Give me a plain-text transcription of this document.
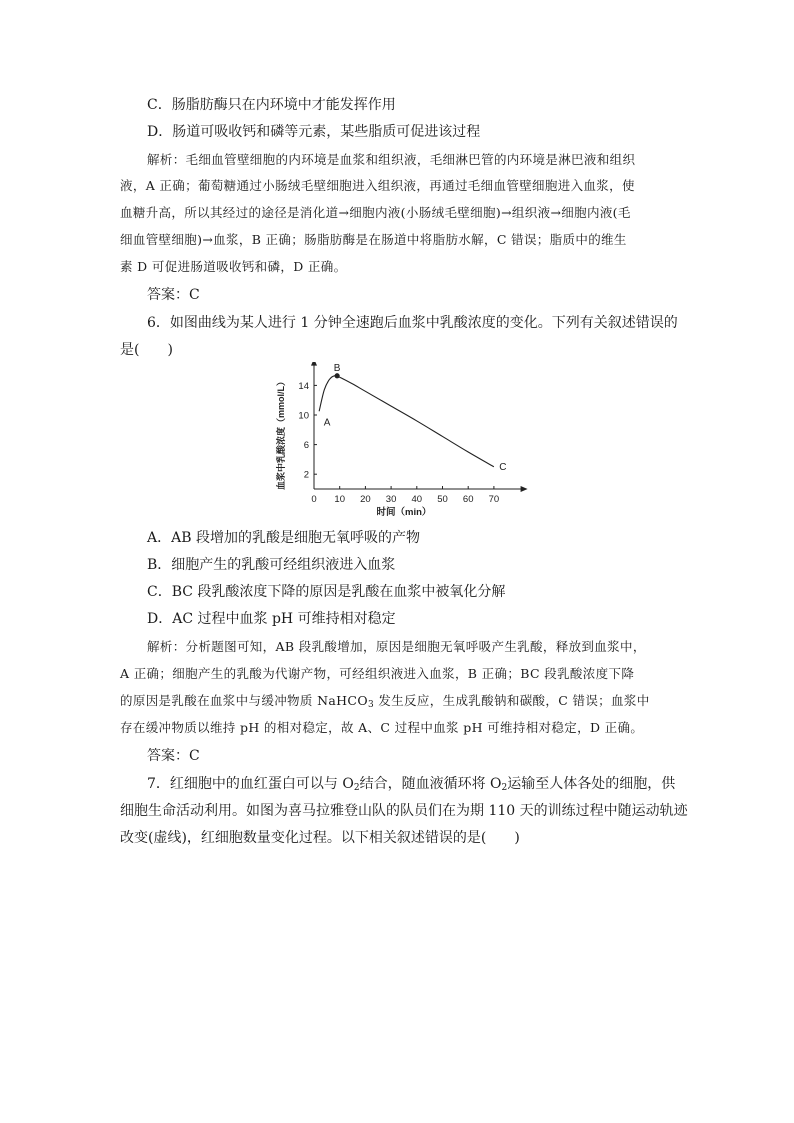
C．肠脂肪酶只在内环境中才能发挥作用
D．肠道可吸收钙和磷等元素，某些脂质可促进该过程
解析：毛细血管壁细胞的内环境是血浆和组织液，毛细淋巴管的内环境是淋巴液和组织
液，A 正确；葡萄糖通过小肠绒毛壁细胞进入组织液，再通过毛细血管壁细胞进入血浆，使
血糖升高，所以其经过的途径是消化道→细胞内液(小肠绒毛壁细胞)→组织液→细胞内液(毛
细血管壁细胞)→血浆，B 正确；肠脂肪酶是在肠道中将脂肪水解，C 错误；脂质中的维生
素 D 可促进肠道吸收钙和磷，D 正确。
答案：C
6．如图曲线为某人进行 1 分钟全速跑后血浆中乳酸浓度的变化。下列有关叙述错误的
是(　　)
0 10 20 30 40 50 60 70
2
6
10
14
时间（min）
血浆中乳酸浓度（mmol/L）	A
B
C
A．AB 段增加的乳酸是细胞无氧呼吸的产物
B．细胞产生的乳酸可经组织液进入血浆
C．BC 段乳酸浓度下降的原因是乳酸在血浆中被氧化分解
D．AC 过程中血浆 pH 可维持相对稳定
解析：分析题图可知，AB 段乳酸增加，原因是细胞无氧呼吸产生乳酸，释放到血浆中，
A 正确；细胞产生的乳酸为代谢产物，可经组织液进入血浆，B 正确；BC 段乳酸浓度下降
的原因是乳酸在血浆中与缓冲物质 NaHCO$_3$ 发生反应，生成乳酸钠和碳酸，C 错误；血浆中
存在缓冲物质以维持 pH 的相对稳定，故 A、C 过程中血浆 pH 可维持相对稳定，D 正确。
答案：C
7．红细胞中的血红蛋白可以与 $O_2$结合，随血液循环将 $O_2$运输至人体各处的细胞，供
细胞生命活动利用。如图为喜马拉雅登山队的队员们在为期 110 天的训练过程中随运动轨迹
改变(虚线)，红细胞数量变化过程。以下相关叙述错误的是(　　)
